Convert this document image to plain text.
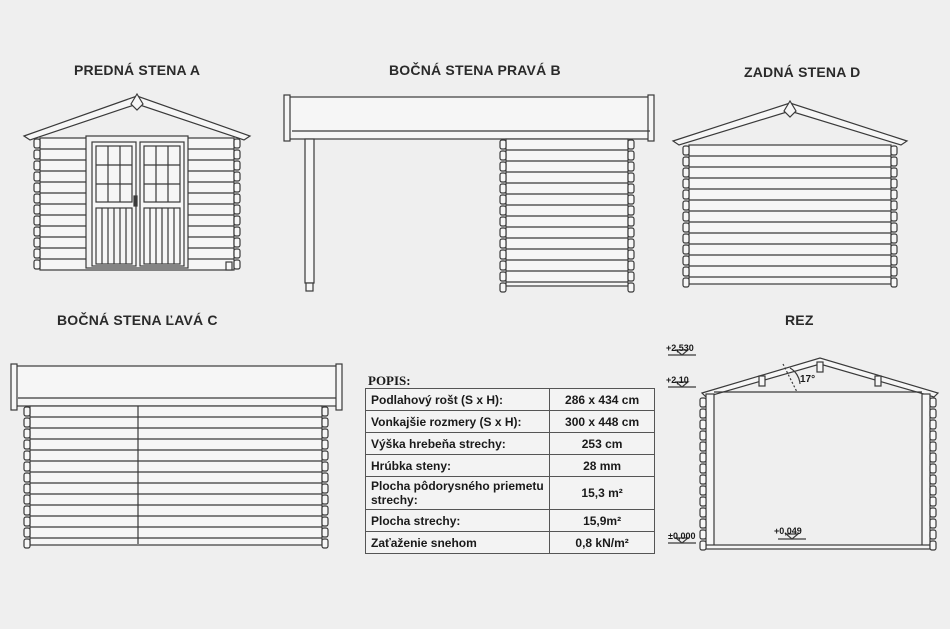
PREDNÁ STENA A	BOČNÁ STENA PRAVÁ B	ZADNÁ STENA D
BOČNÁ STENA ĽAVÁ C	REZ
+2,530
+2,10
±0,000	+0,049
17°
POPIS:
Podlahový rošt (S x H):	286 x 434 cm
Vonkajšie rozmery (S x H):	300 x 448 cm
Výška hrebeňa strechy:	253 cm
Hrúbka steny:	28 mm
Plocha pôdorysného priemetu strechy:	15,3 m²
Plocha strechy:	15,9m²
Zaťaženie snehom	0,8 kN/m²
